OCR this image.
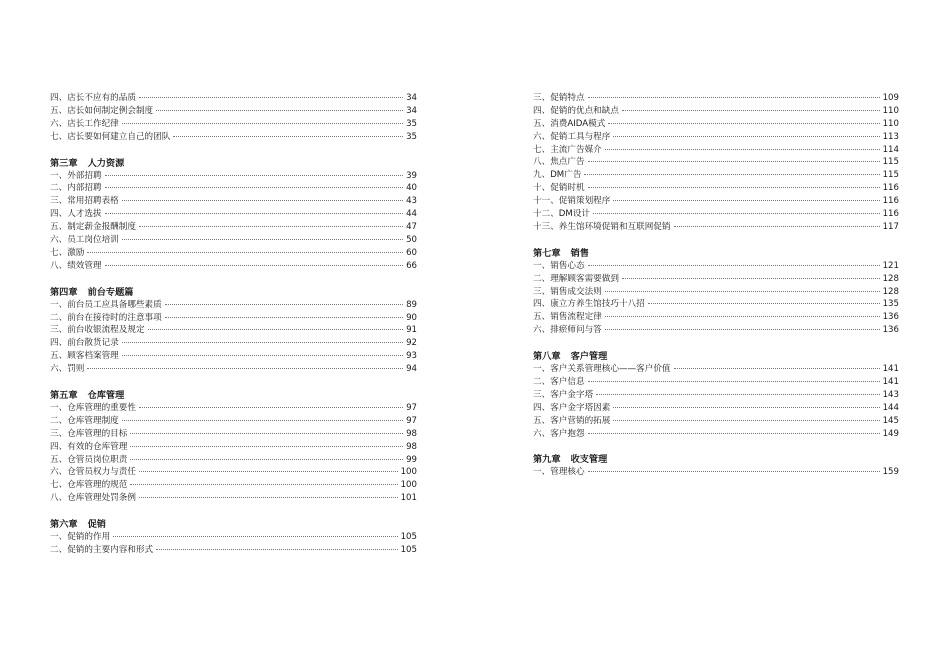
四、店长不应有的品质	34
五、店长如何制定例会制度	34
六、店长工作纪律	35
七、店长要如何建立自己的团队	35
第三章 人力资源
一、外部招聘	39
二、内部招聘	40
三、常用招聘表格	43
四、人才选拔	44
五、制定薪金报酬制度	47
六、员工岗位培训	50
七、激励	60
八、绩效管理	66
第四章 前台专题篇
一、前台员工应具备哪些素质	89
二、前台在接待时的注意事项	90
三、前台收银流程及规定	91
四、前台散货记录	92
五、顾客档案管理	93
六、罚则	94
第五章 仓库管理
一、仓库管理的重要性	97
二、仓库管理制度	97
三、仓库管理的目标	98
四、有效的仓库管理	98
五、仓管员岗位职责	99
六、仓管员权力与责任	100
七、仓库管理的规范	100
八、仓库管理处罚条例	101
第六章 促销
一、促销的作用	105
二、促销的主要内容和形式	105
三、促销特点	109
四、促销的优点和缺点	110
五、消费AIDA模式	110
六、促销工具与程序	113
七、主流广告媒介	114
八、焦点广告	115
九、DM广告	115
十、促销时机	116
十一、促销策划程序	116
十二、DM设计	116
十三、养生馆环境促销和互联网促销	117
第七章 销售
一、销售心态	121
二、理解顾客需要做到	128
三、销售成交法则	128
四、康立方养生馆技巧十八招	135
五、销售流程定律	136
六、排瘀师问与答	136
第八章 客户管理
一、客户关系管理核心——客户价值	141
二、客户信息	141
三、客户金字塔	143
四、客户金字塔因素	144
五、客户营销的拓展	145
六、客户抱怨	149
第九章 收支管理
一、管理核心	159
